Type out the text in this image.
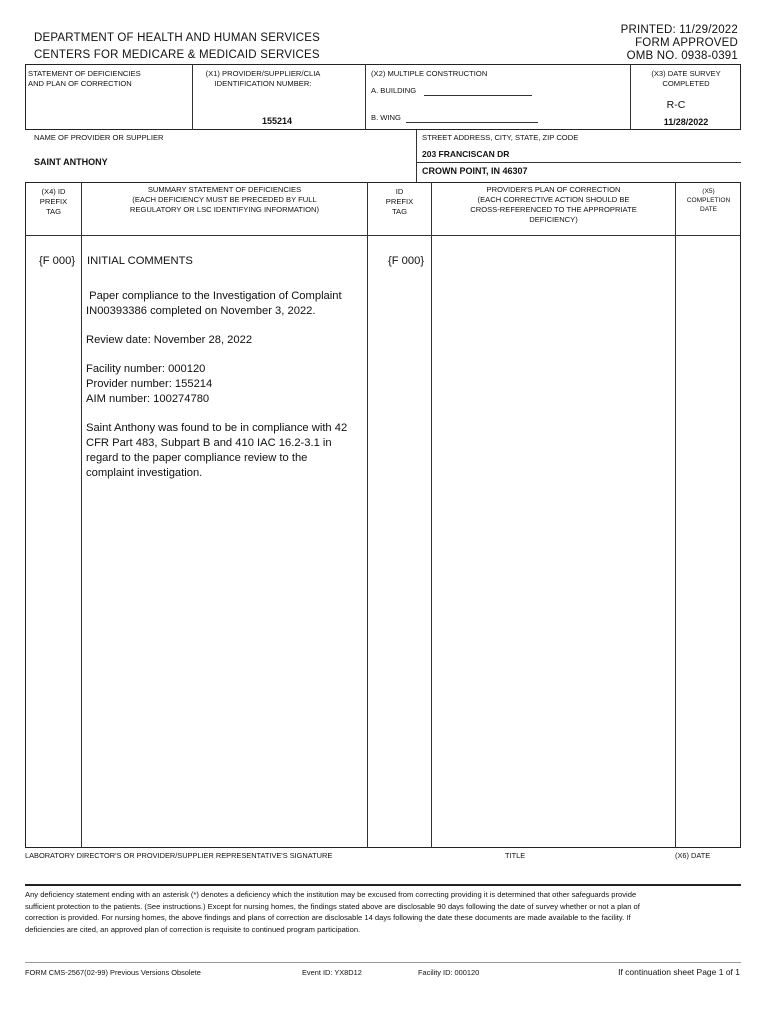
DEPARTMENT OF HEALTH AND HUMAN SERVICES
CENTERS FOR MEDICARE & MEDICAID SERVICES
PRINTED: 11/29/2022
FORM APPROVED
OMB NO. 0938-0391
STATEMENT OF DEFICIENCIES
AND PLAN OF CORRECTION
(X1) PROVIDER/SUPPLIER/CLIA
IDENTIFICATION NUMBER:
155214
(X2) MULTIPLE CONSTRUCTION
A. BUILDING
B. WING
(X3) DATE SURVEY
COMPLETED
R-C
11/28/2022
NAME OF PROVIDER OR SUPPLIER
SAINT ANTHONY
STREET ADDRESS, CITY, STATE, ZIP CODE
203 FRANCISCAN DR
CROWN POINT, IN 46307
(X4) ID
PREFIX
TAG
SUMMARY STATEMENT OF DEFICIENCIES
(EACH DEFICIENCY MUST BE PRECEDED BY FULL
REGULATORY OR LSC IDENTIFYING INFORMATION)
ID
PREFIX
TAG
PROVIDER'S PLAN OF CORRECTION
(EACH CORRECTIVE ACTION SHOULD BE
CROSS-REFERENCED TO THE APPROPRIATE
DEFICIENCY)
(X5)
COMPLETION
DATE
{F 000} INITIAL COMMENTS	{F 000}

Paper compliance to the Investigation of Complaint IN00393386 completed on November 3, 2022.

Review date: November 28, 2022

Facility number: 000120
Provider number: 155214

AIM number: 100274780

Saint Anthony was found to be in compliance with 42 CFR Part 483, Subpart B and 410 IAC 16.2-3.1 in regard to the paper compliance review to the complaint investigation.

LABORATORY DIRECTOR'S OR PROVIDER/SUPPLIER REPRESENTATIVE'S SIGNATURE	TITLE	(X6) DATE
Any deficiency statement ending with an asterisk (*) denotes a deficiency which the institution may be excused from correcting providing it is determined that other safeguards provide sufficient protection to the patients. (See instructions.) Except for nursing homes, the findings stated above are disclosable 90 days following the date of survey whether or not a plan of correction is provided. For nursing homes, the above findings and plans of correction are disclosable 14 days following the date these documents are made available to the facility. If deficiencies are cited, an approved plan of correction is requisite to continued program participation.
FORM CMS-2567(02-99) Previous Versions Obsolete	Event ID: YX8D12	Facility ID: 000120	If continuation sheet Page 1 of 1
